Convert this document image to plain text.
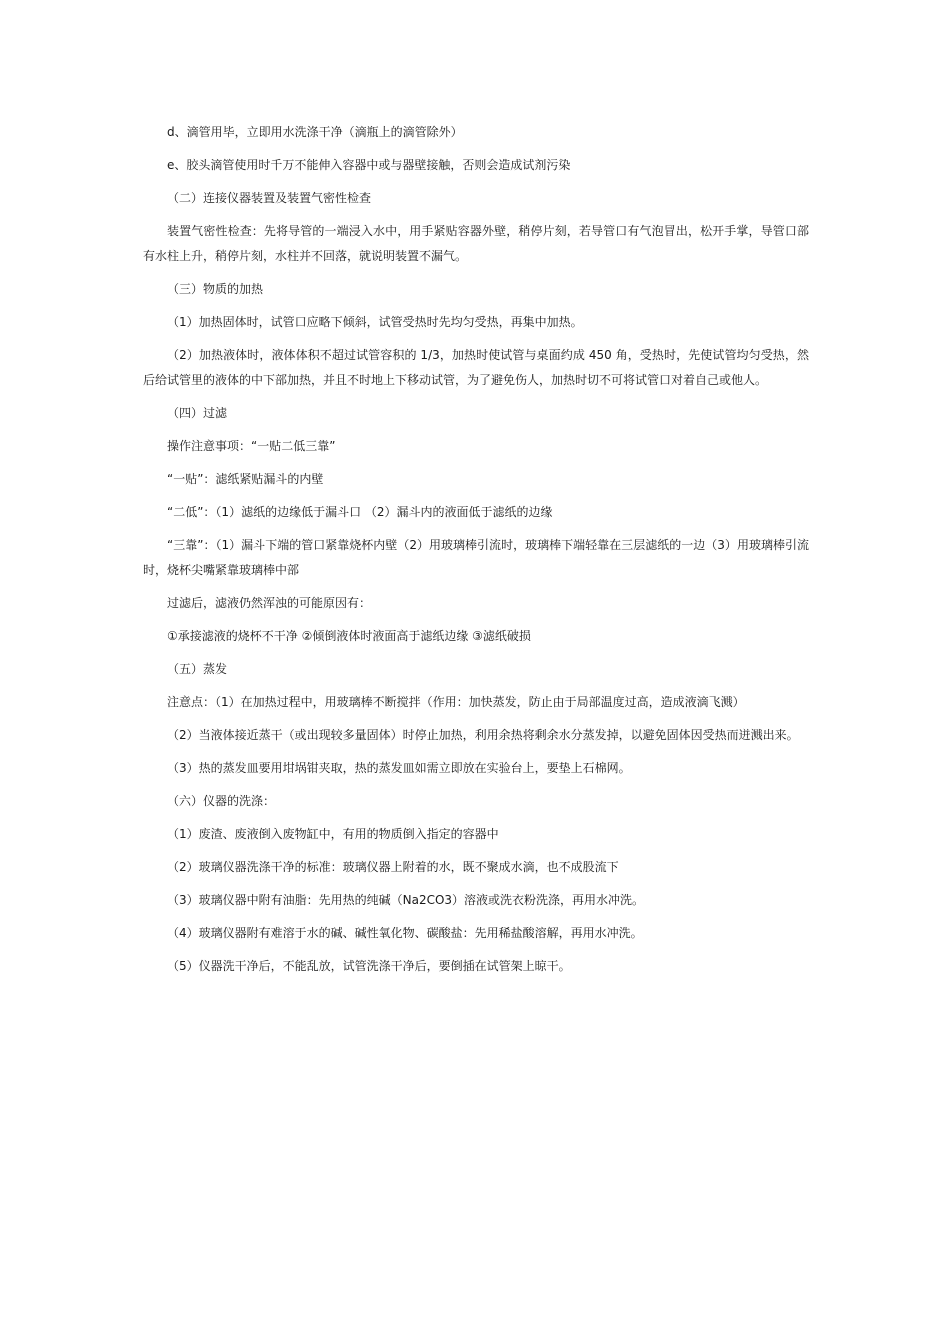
d、滴管用毕，立即用水洗涤干净（滴瓶上的滴管除外）

e、胶头滴管使用时千万不能伸入容器中或与器壁接触，否则会造成试剂污染

（二）连接仪器装置及装置气密性检查

装置气密性检查：先将导管的一端浸入水中，用手紧贴容器外壁，稍停片刻，若导管口有气泡冒出，松开手掌，导管口部有水柱上升，稍停片刻，水柱并不回落，就说明装置不漏气。

（三）物质的加热

（1）加热固体时，试管口应略下倾斜，试管受热时先均匀受热，再集中加热。

（2）加热液体时，液体体积不超过试管容积的 1/3，加热时使试管与桌面约成 450 角，受热时，先使试管均匀受热，然后给试管里的液体的中下部加热，并且不时地上下移动试管，为了避免伤人，加热时切不可将试管口对着自己或他人。

（四）过滤

操作注意事项：“一贴二低三靠”

“一贴”：滤纸紧贴漏斗的内壁

“二低”：（1）滤纸的边缘低于漏斗口 （2）漏斗内的液面低于滤纸的边缘

“三靠”：（1）漏斗下端的管口紧靠烧杯内壁（2）用玻璃棒引流时，玻璃棒下端轻靠在三层滤纸的一边（3）用玻璃棒引流时，烧杯尖嘴紧靠玻璃棒中部

过滤后，滤液仍然浑浊的可能原因有：

①承接滤液的烧杯不干净 ②倾倒液体时液面高于滤纸边缘 ③滤纸破损

（五）蒸发

注意点：（1）在加热过程中，用玻璃棒不断搅拌（作用：加快蒸发，防止由于局部温度过高，造成液滴飞溅）

（2）当液体接近蒸干（或出现较多量固体）时停止加热，利用余热将剩余水分蒸发掉，以避免固体因受热而迸溅出来。

（3）热的蒸发皿要用坩埚钳夹取，热的蒸发皿如需立即放在实验台上，要垫上石棉网。

（六）仪器的洗涤：

（1）废渣、废液倒入废物缸中，有用的物质倒入指定的容器中

（2）玻璃仪器洗涤干净的标准：玻璃仪器上附着的水，既不聚成水滴，也不成股流下

（3）玻璃仪器中附有油脂：先用热的纯碱（Na2CO3）溶液或洗衣粉洗涤，再用水冲洗。

（4）玻璃仪器附有难溶于水的碱、碱性氧化物、碳酸盐：先用稀盐酸溶解，再用水冲洗。

（5）仪器洗干净后，不能乱放，试管洗涤干净后，要倒插在试管架上晾干。
